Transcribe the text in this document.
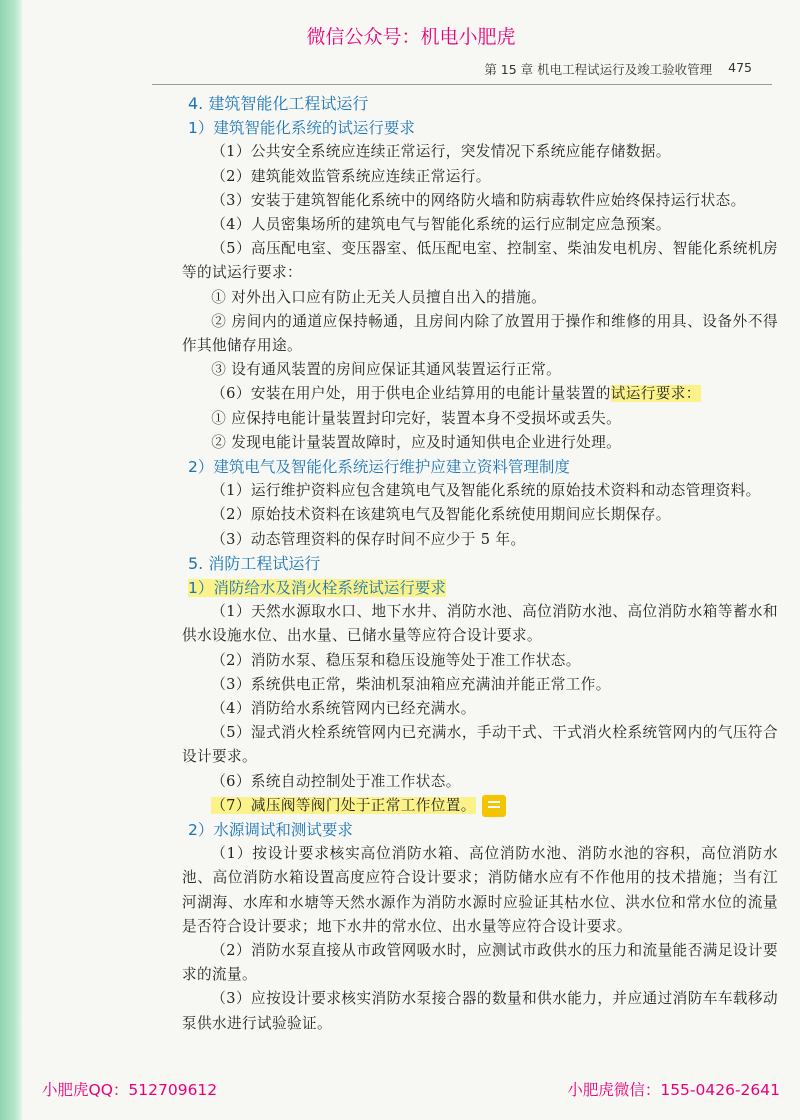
微信公众号：机电小肥虎
第 15 章 机电工程试运行及竣工验收管理 475
4. 建筑智能化工程试运行
1）建筑智能化系统的试运行要求
（1）公共安全系统应连续正常运行，突发情况下系统应能存储数据。
（2）建筑能效监管系统应连续正常运行。
（3）安装于建筑智能化系统中的网络防火墙和防病毒软件应始终保持运行状态。
（4）人员密集场所的建筑电气与智能化系统的运行应制定应急预案。
（5）高压配电室、变压器室、低压配电室、控制室、柴油发电机房、智能化系统机房等的试运行要求：
① 对外出入口应有防止无关人员擅自出入的措施。
② 房间内的通道应保持畅通，且房间内除了放置用于操作和维修的用具、设备外不得作其他储存用途。
③ 设有通风装置的房间应保证其通风装置运行正常。
（6）安装在用户处，用于供电企业结算用的电能计量装置的试运行要求：
① 应保持电能计量装置封印完好，装置本身不受损坏或丢失。
② 发现电能计量装置故障时，应及时通知供电企业进行处理。
2）建筑电气及智能化系统运行维护应建立资料管理制度
（1）运行维护资料应包含建筑电气及智能化系统的原始技术资料和动态管理资料。
（2）原始技术资料在该建筑电气及智能化系统使用期间应长期保存。
（3）动态管理资料的保存时间不应少于 5 年。
5. 消防工程试运行
1）消防给水及消火栓系统试运行要求
（1）天然水源取水口、地下水井、消防水池、高位消防水池、高位消防水箱等蓄水和供水设施水位、出水量、已储水量等应符合设计要求。
（2）消防水泵、稳压泵和稳压设施等处于准工作状态。
（3）系统供电正常，柴油机泵油箱应充满油并能正常工作。
（4）消防给水系统管网内已经充满水。
（5）湿式消火栓系统管网内已充满水，手动干式、干式消火栓系统管网内的气压符合设计要求。
（6）系统自动控制处于准工作状态。
（7）减压阀等阀门处于正常工作位置。
2）水源调试和测试要求
（1）按设计要求核实高位消防水箱、高位消防水池、消防水池的容积，高位消防水池、高位消防水箱设置高度应符合设计要求；消防储水应有不作他用的技术措施；当有江河湖海、水库和水塘等天然水源作为消防水源时应验证其枯水位、洪水位和常水位的流量是否符合设计要求；地下水井的常水位、出水量等应符合设计要求。
（2）消防水泵直接从市政管网吸水时，应测试市政供水的压力和流量能否满足设计要求的流量。
（3）应按设计要求核实消防水泵接合器的数量和供水能力，并应通过消防车车载移动泵供水进行试验验证。
小肥虎QQ：512709612	小肥虎微信：155-0426-2641
